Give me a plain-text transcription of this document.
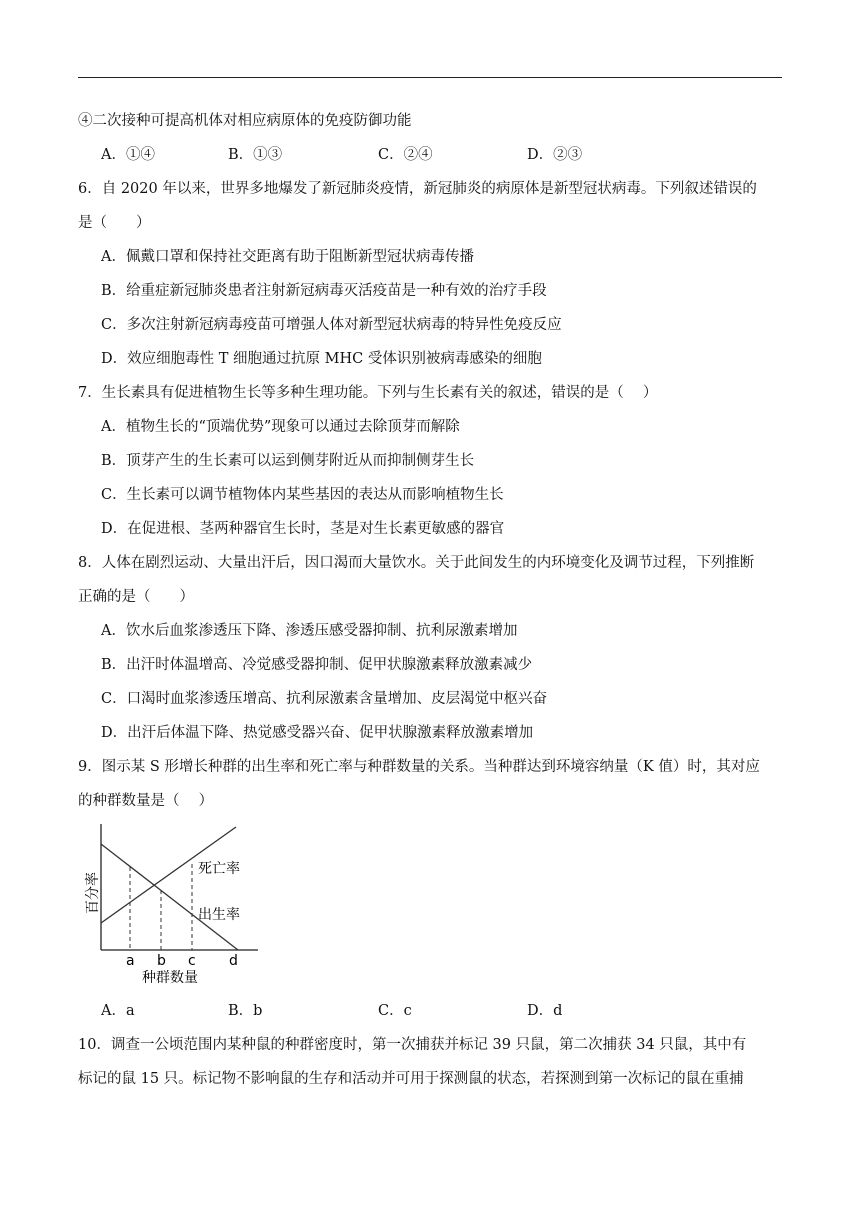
④二次接种可提高机体对相应病原体的免疫防御功能
A．①④	B．①③	C．②④	D．②③
6．自 2020 年以来，世界多地爆发了新冠肺炎疫情，新冠肺炎的病原体是新型冠状病毒。下列叙述错误的
是（　　）
A．佩戴口罩和保持社交距离有助于阻断新型冠状病毒传播
B．给重症新冠肺炎患者注射新冠病毒灭活疫苗是一种有效的治疗手段
C．多次注射新冠病毒疫苗可增强人体对新型冠状病毒的特异性免疫反应
D．效应细胞毒性 T 细胞通过抗原 MHC 受体识别被病毒感染的细胞
7．生长素具有促进植物生长等多种生理功能。下列与生长素有关的叙述，错误的是（　 ）
A．植物生长的“顶端优势”现象可以通过去除顶芽而解除
B．顶芽产生的生长素可以运到侧芽附近从而抑制侧芽生长
C．生长素可以调节植物体内某些基因的表达从而影响植物生长
D．在促进根、茎两种器官生长时，茎是对生长素更敏感的器官
8．人体在剧烈运动、大量出汗后，因口渴而大量饮水。关于此间发生的内环境变化及调节过程，下列推断
正确的是（　　）
A．饮水后血浆渗透压下降、渗透压感受器抑制、抗利尿激素增加
B．出汗时体温增高、冷觉感受器抑制、促甲状腺激素释放激素减少
C．口渴时血浆渗透压增高、抗利尿激素含量增加、皮层渴觉中枢兴奋
D．出汗后体温下降、热觉感受器兴奋、促甲状腺激素释放激素增加
9．图示某 S 形增长种群的出生率和死亡率与种群数量的关系。当种群达到环境容纳量（K 值）时，其对应
的种群数量是（　 ）
A．a	B．b	C．c	D．d
10．调查一公顷范围内某种鼠的种群密度时，第一次捕获并标记 39 只鼠，第二次捕获 34 只鼠，其中有
标记的鼠 15 只。标记物不影响鼠的生存和活动并可用于探测鼠的状态，若探测到第一次标记的鼠在重捕
百分率
死亡率
出生率
a b c d
种群数量
